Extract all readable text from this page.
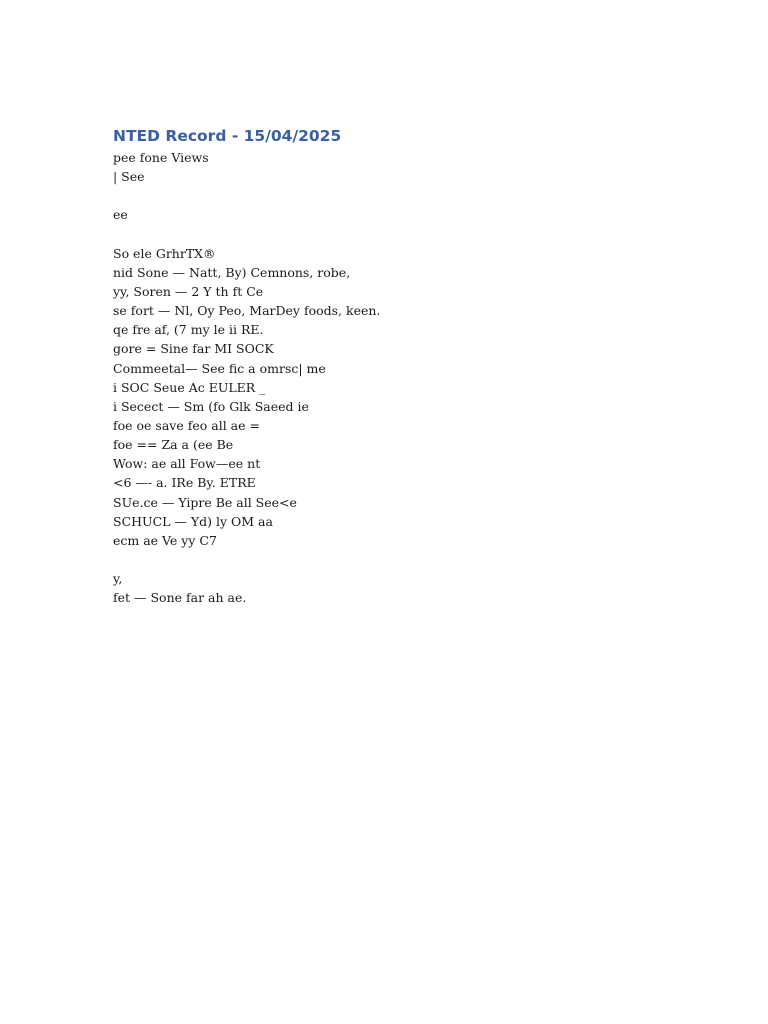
NTED Record - 15/04/2025
pee fone Views
| See
ee
So ele GrhrTX®
nid Sone — Natt, By) Cemnons, robe,
yy, Soren — 2 Y th ft Ce
se fort — Nl, Oy Peo, MarDey foods, keen.
qe fre af, (7 my le ii RE.
gore = Sine far MI SOCK
Commeetal— See fic a omrsc| me
i SOC Seue Ac EULER _
i Secect — Sm (fo Glk Saeed ie
foe oe save feo all ae =
foe == Za a (ee Be
Wow: ae all Fow—ee nt
<6 —- a. IRe By. ETRE
SUe.ce — Yipre Be all See<e
SCHUCL — Yd) ly OM aa
ecm ae Ve yy C7
y,
fet — Sone far ah ae.
